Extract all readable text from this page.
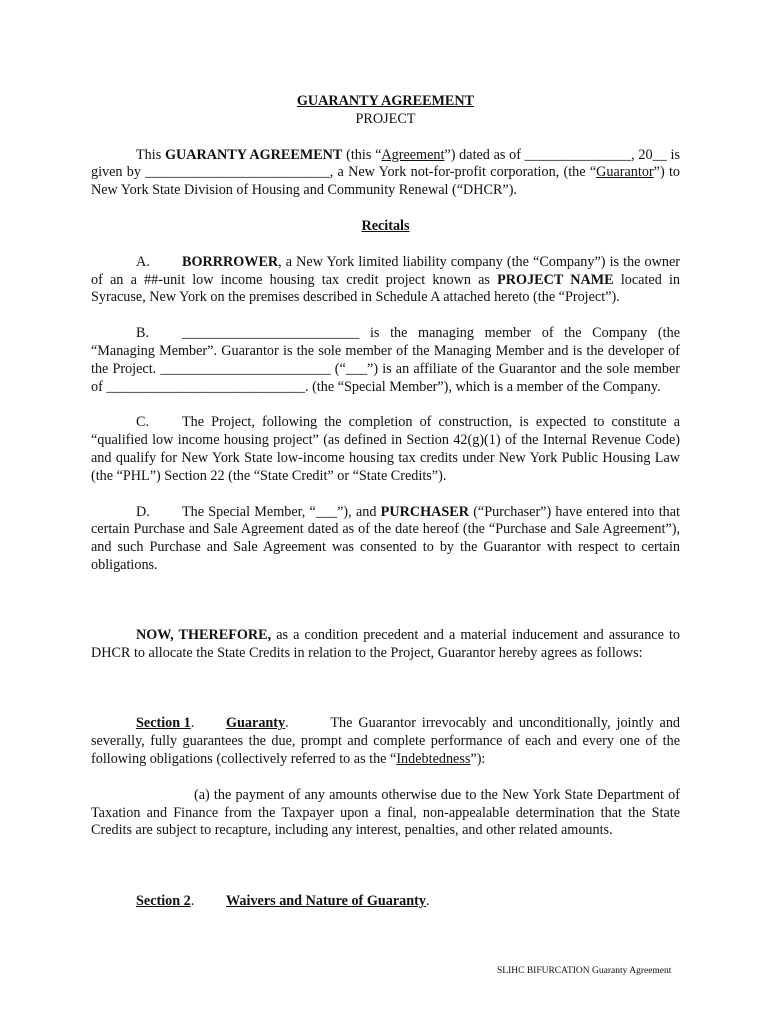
GUARANTY AGREEMENT
PROJECT

This GUARANTY AGREEMENT (this “Agreement”) dated as of _______________, 20__ is given by __________________________, a New York not-for-profit corporation, (the “Guarantor”) to New York State Division of Housing and Community Renewal (“DHCR”).

Recitals

A. BORRROWER, a New York limited liability company (the “Company”) is the owner of an a ##-unit low income housing tax credit project known as PROJECT NAME located in Syracuse, New York on the premises described in Schedule A attached hereto (the “Project”).

B. _________________________ is the managing member of the Company (the “Managing Member”. Guarantor is the sole member of the Managing Member and is the developer of the Project. ________________________ (“___”) is an affiliate of the Guarantor and the sole member of ____________________________. (the “Special Member”), which is a member of the Company.

C. The Project, following the completion of construction, is expected to constitute a “qualified low income housing project” (as defined in Section 42(g)(1) of the Internal Revenue Code) and qualify for New York State low-income housing tax credits under New York Public Housing Law (the “PHL”) Section 22 (the “State Credit” or “State Credits”).

D. The Special Member, “___”), and PURCHASER (“Purchaser”) have entered into that certain Purchase and Sale Agreement dated as of the date hereof (the “Purchase and Sale Agreement”), and such Purchase and Sale Agreement was consented to by the Guarantor with respect to certain obligations.

NOW, THEREFORE, as a condition precedent and a material inducement and assurance to DHCR to allocate the State Credits in relation to the Project, Guarantor hereby agrees as follows:

Section 1. Guaranty.       The Guarantor irrevocably and unconditionally, jointly and severally, fully guarantees the due, prompt and complete performance of each and every one of the following obligations (collectively referred to as the “Indebtedness”):

(a) the payment of any amounts otherwise due to the New York State Department of Taxation and Finance from the Taxpayer upon a final, non-appealable determination that the State Credits are subject to recapture, including any interest, penalties, and other related amounts.

Section 2. Waivers and Nature of Guaranty.

SLIHC BIFURCATION Guaranty Agreement
